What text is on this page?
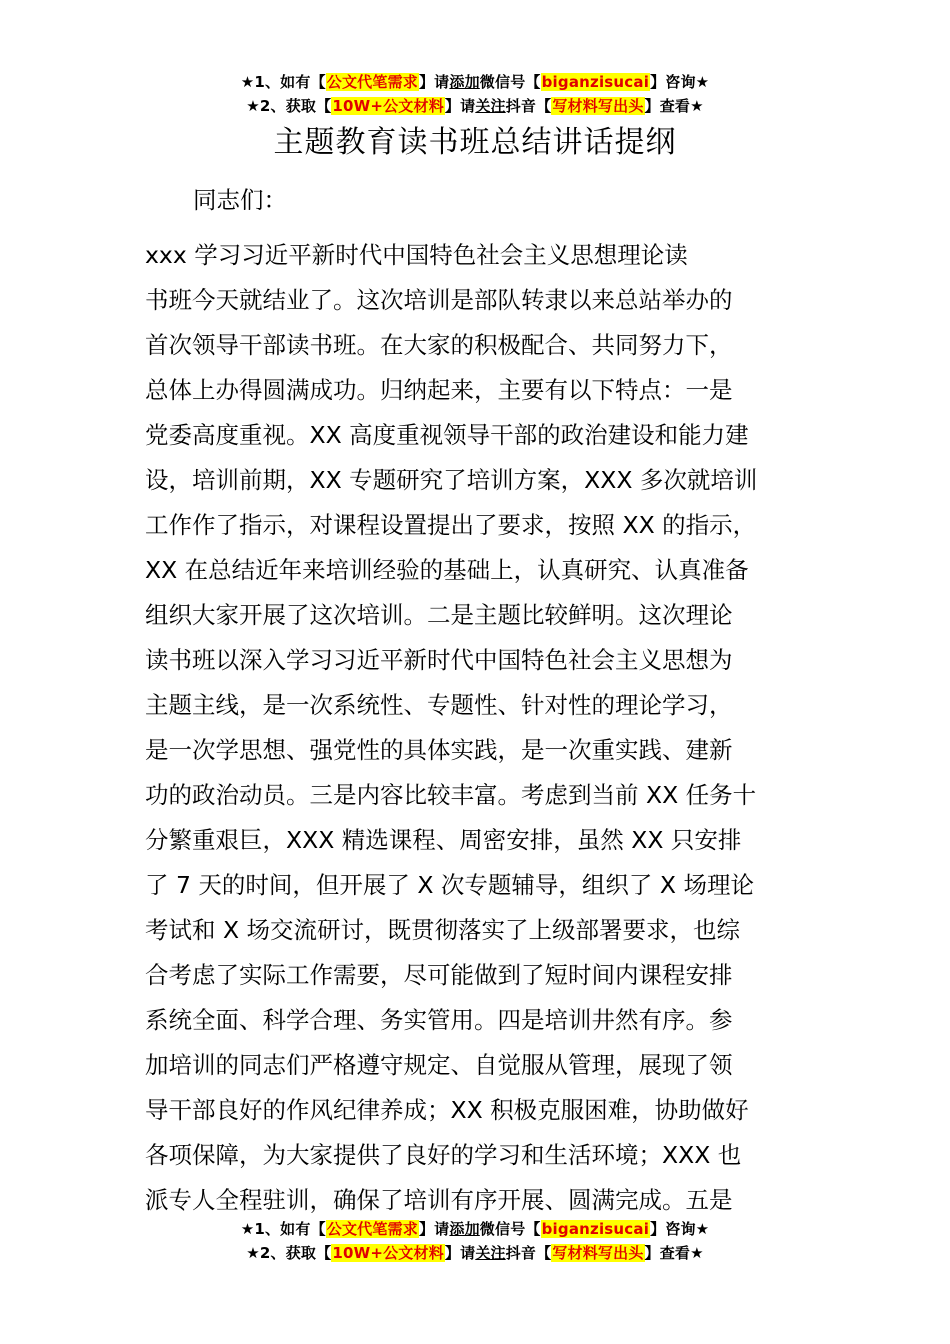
★1、如有【公文代笔需求】请添加微信号【biganzisucai】咨询★
★2、获取【10W+公文材料】请关注抖音【写材料写出头】查看★
主题教育读书班总结讲话提纲
同志们：
xxx 学习习近平新时代中国特色社会主义思想理论读
书班今天就结业了。这次培训是部队转隶以来总站举办的
首次领导干部读书班。在大家的积极配合、共同努力下，
总体上办得圆满成功。归纳起来，主要有以下特点：一是
党委高度重视。XX 高度重视领导干部的政治建设和能力建
设，培训前期，XX 专题研究了培训方案，XXX 多次就培训
工作作了指示，对课程设置提出了要求，按照 XX 的指示，
XX 在总结近年来培训经验的基础上，认真研究、认真准备
组织大家开展了这次培训。二是主题比较鲜明。这次理论
读书班以深入学习习近平新时代中国特色社会主义思想为
主题主线，是一次系统性、专题性、针对性的理论学习，
是一次学思想、强党性的具体实践，是一次重实践、建新
功的政治动员。三是内容比较丰富。考虑到当前 XX 任务十
分繁重艰巨，XXX 精选课程、周密安排，虽然 XX 只安排
了 7 天的时间，但开展了 X 次专题辅导，组织了 X 场理论
考试和 X 场交流研讨，既贯彻落实了上级部署要求，也综
合考虑了实际工作需要，尽可能做到了短时间内课程安排
系统全面、科学合理、务实管用。四是培训井然有序。参
加培训的同志们严格遵守规定、自觉服从管理，展现了领
导干部良好的作风纪律养成；XX 积极克服困难，协助做好
各项保障，为大家提供了良好的学习和生活环境；XXX 也
派专人全程驻训，确保了培训有序开展、圆满完成。五是
★1、如有【公文代笔需求】请添加微信号【biganzisucai】咨询★
★2、获取【10W+公文材料】请关注抖音【写材料写出头】查看★
